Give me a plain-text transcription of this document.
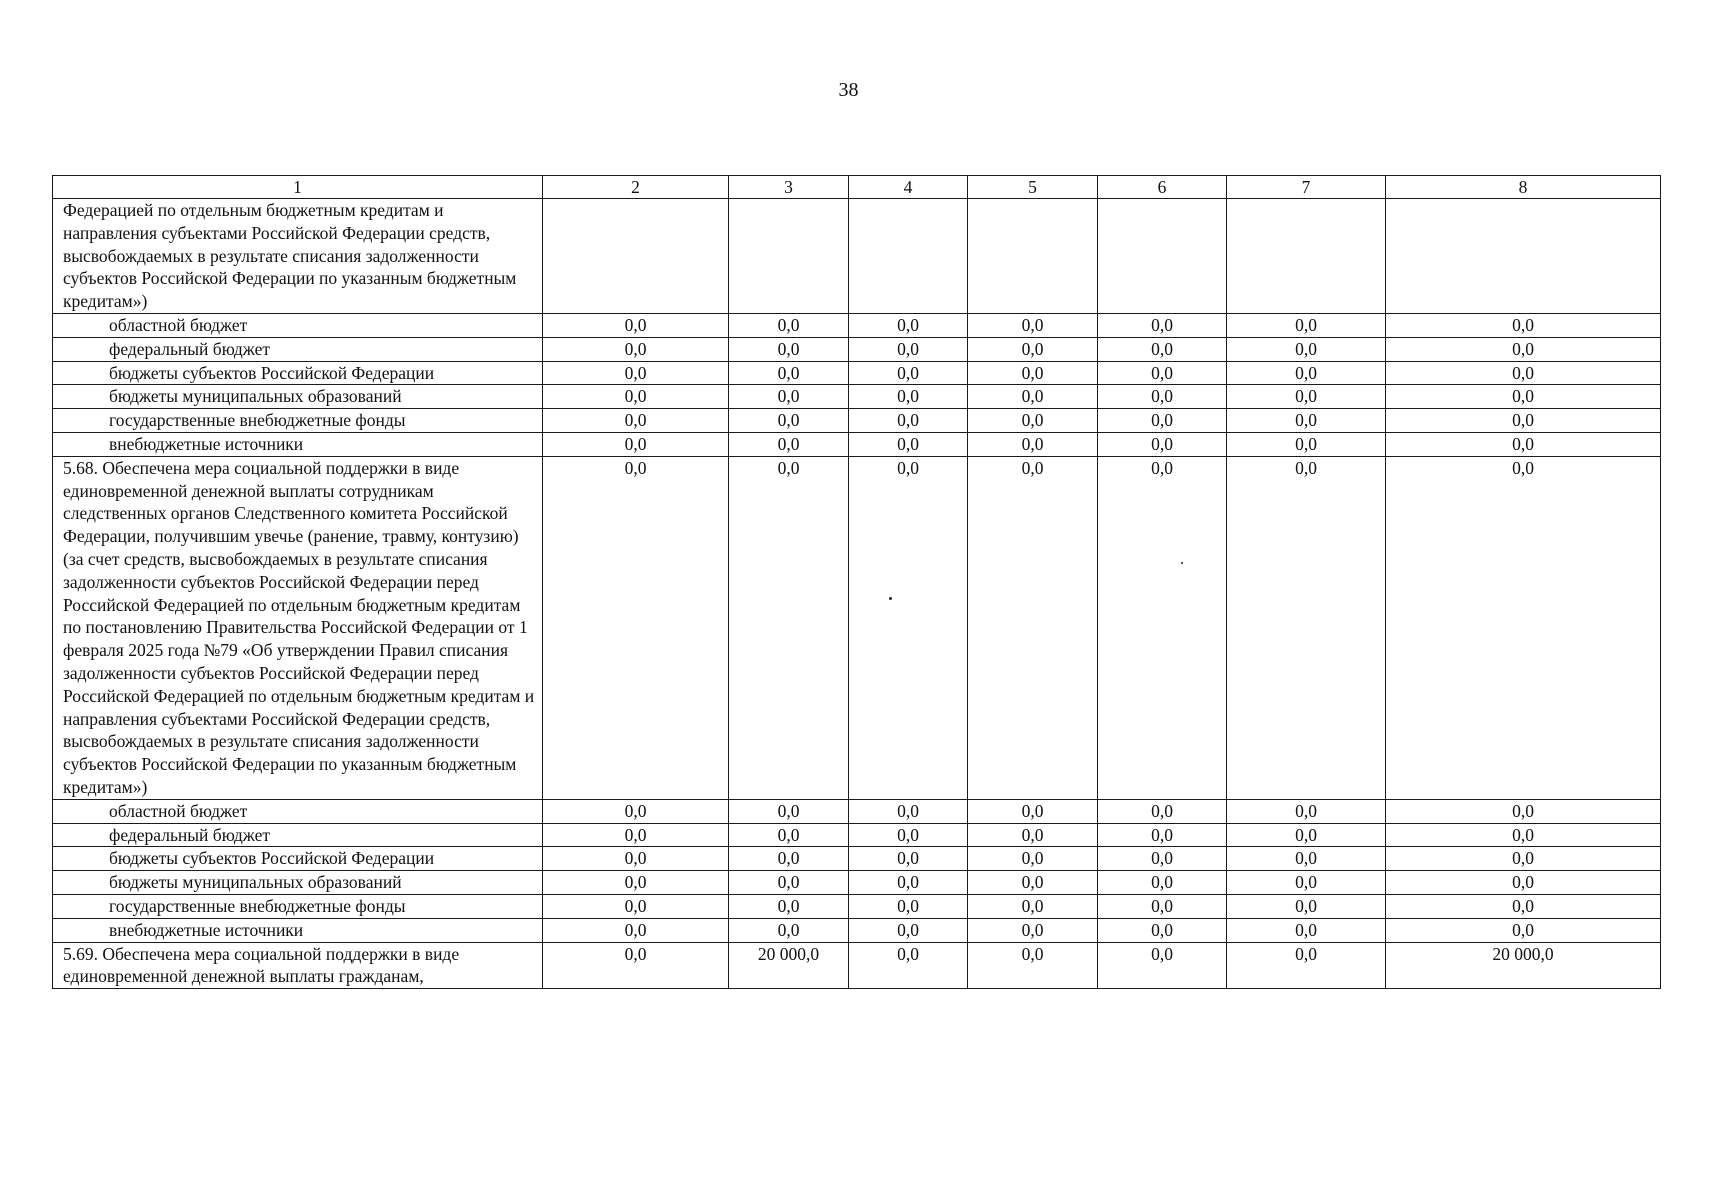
38
1	2	3	4	5	6	7	8
Федерацией по отдельным бюджетным кредитам и направления субъектами Российской Федерации средств, высвобождаемых в результате списания задолженности субъектов Российской Федерации по указанным бюджетным кредитам»)							
областной бюджет	0,0	0,0	0,0	0,0	0,0	0,0	0,0
федеральный бюджет	0,0	0,0	0,0	0,0	0,0	0,0	0,0
бюджеты субъектов Российской Федерации	0,0	0,0	0,0	0,0	0,0	0,0	0,0
бюджеты муниципальных образований	0,0	0,0	0,0	0,0	0,0	0,0	0,0
государственные внебюджетные фонды	0,0	0,0	0,0	0,0	0,0	0,0	0,0
внебюджетные источники	0,0	0,0	0,0	0,0	0,0	0,0	0,0
5.68. Обеспечена мера социальной поддержки в виде единовременной денежной выплаты сотрудникам следственных органов Следственного комитета Российской Федерации, получившим увечье (ранение, травму, контузию) (за счет средств, высвобождаемых в результате списания задолженности субъектов Российской Федерации перед Российской Федерацией по отдельным бюджетным кредитам по постановлению Правительства Российской Федерации от 1 февраля 2025 года №79 «Об утверждении Правил списания задолженности субъектов Российской Федерации перед Российской Федерацией по отдельным бюджетным кредитам и направления субъектами Российской Федерации средств, высвобождаемых в результате списания задолженности субъектов Российской Федерации по указанным бюджетным кредитам»)	0,0	0,0	0,0	0,0	0,0	0,0	0,0
областной бюджет	0,0	0,0	0,0	0,0	0,0	0,0	0,0
федеральный бюджет	0,0	0,0	0,0	0,0	0,0	0,0	0,0
бюджеты субъектов Российской Федерации	0,0	0,0	0,0	0,0	0,0	0,0	0,0
бюджеты муниципальных образований	0,0	0,0	0,0	0,0	0,0	0,0	0,0
государственные внебюджетные фонды	0,0	0,0	0,0	0,0	0,0	0,0	0,0
внебюджетные источники	0,0	0,0	0,0	0,0	0,0	0,0	0,0
5.69. Обеспечена мера социальной поддержки в виде единовременной денежной выплаты гражданам,	0,0	20 000,0	0,0	0,0	0,0	0,0	20 000,0
